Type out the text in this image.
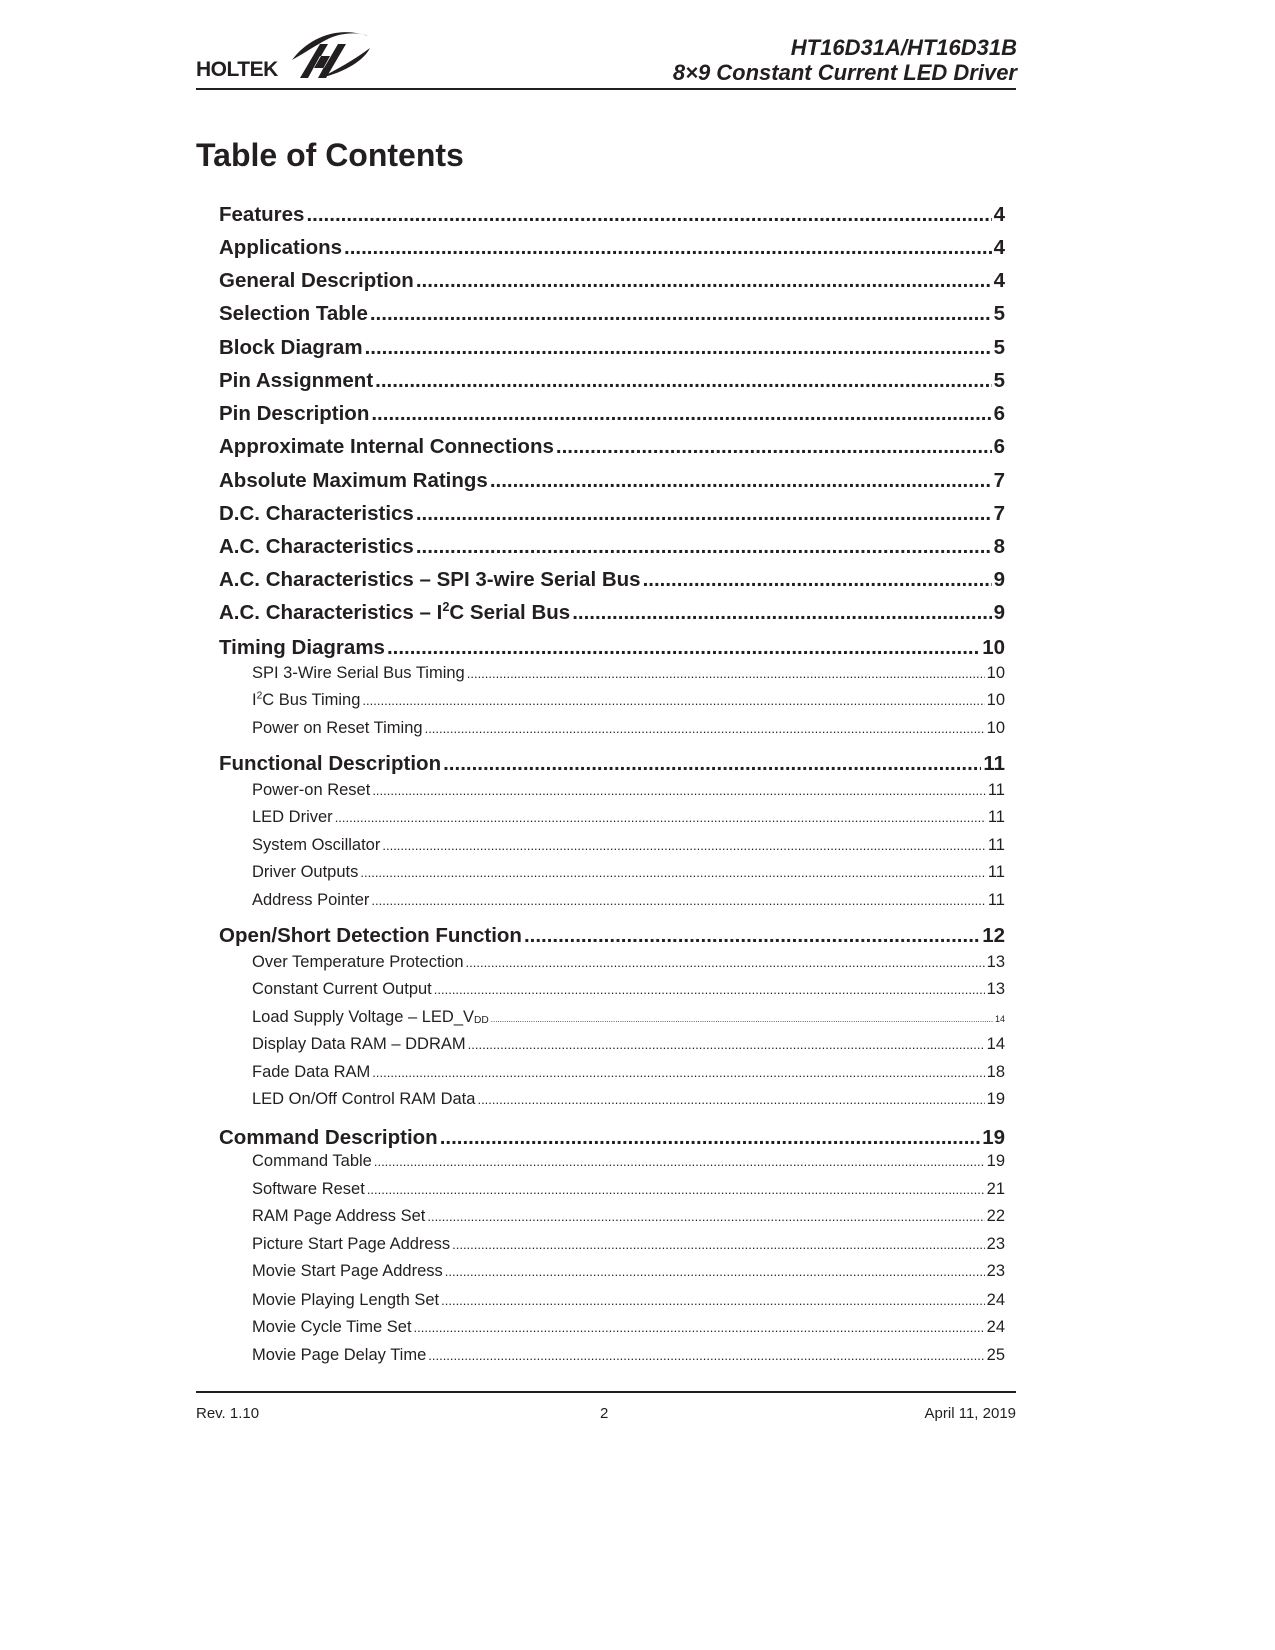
HOLTEK
HT16D31A/HT16D31B
8×9 Constant Current LED Driver
Table of Contents
Features .....	4
Applications .....	4
General Description .....	4
Selection Table .....	5
Block Diagram .....	5
Pin Assignment .....	5
Pin Description .....	6
Approximate Internal Connections .....	6
Absolute Maximum Ratings .....	7
D.C. Characteristics .....	7
A.C. Characteristics .....	8
A.C. Characteristics – SPI 3-wire Serial Bus .....	9
A.C. Characteristics – $I^2C$ Serial Bus .....	9
Timing Diagrams .....	10
SPI 3-Wire Serial Bus Timing .....	10
$I^2C$ Bus Timing .....	10
Power on Reset Timing .....	10
Functional Description .....	11
Power-on Reset .....	11
LED Driver .....	11
System Oscillator .....	11
Driver Outputs .....	11
Address Pointer .....	11
Open/Short Detection Function .....	12
Over Temperature Protection .....	13
Constant Current Output .....	13
Load Supply Voltage – $LED\_V_{DD}$ .....	14
Display Data RAM – DDRAM .....	14
Fade Data RAM .....	18
LED On/Off Control RAM Data .....	19
Command Description .....	19
Command Table .....	19
Software Reset .....	21
RAM Page Address Set .....	22
Picture Start Page Address .....	23
Movie Start Page Address .....	23
Movie Playing Length Set .....	24
Movie Cycle Time Set .....	24
Movie Page Delay Time .....	25
Rev. 1.10	2	April 11, 2019
